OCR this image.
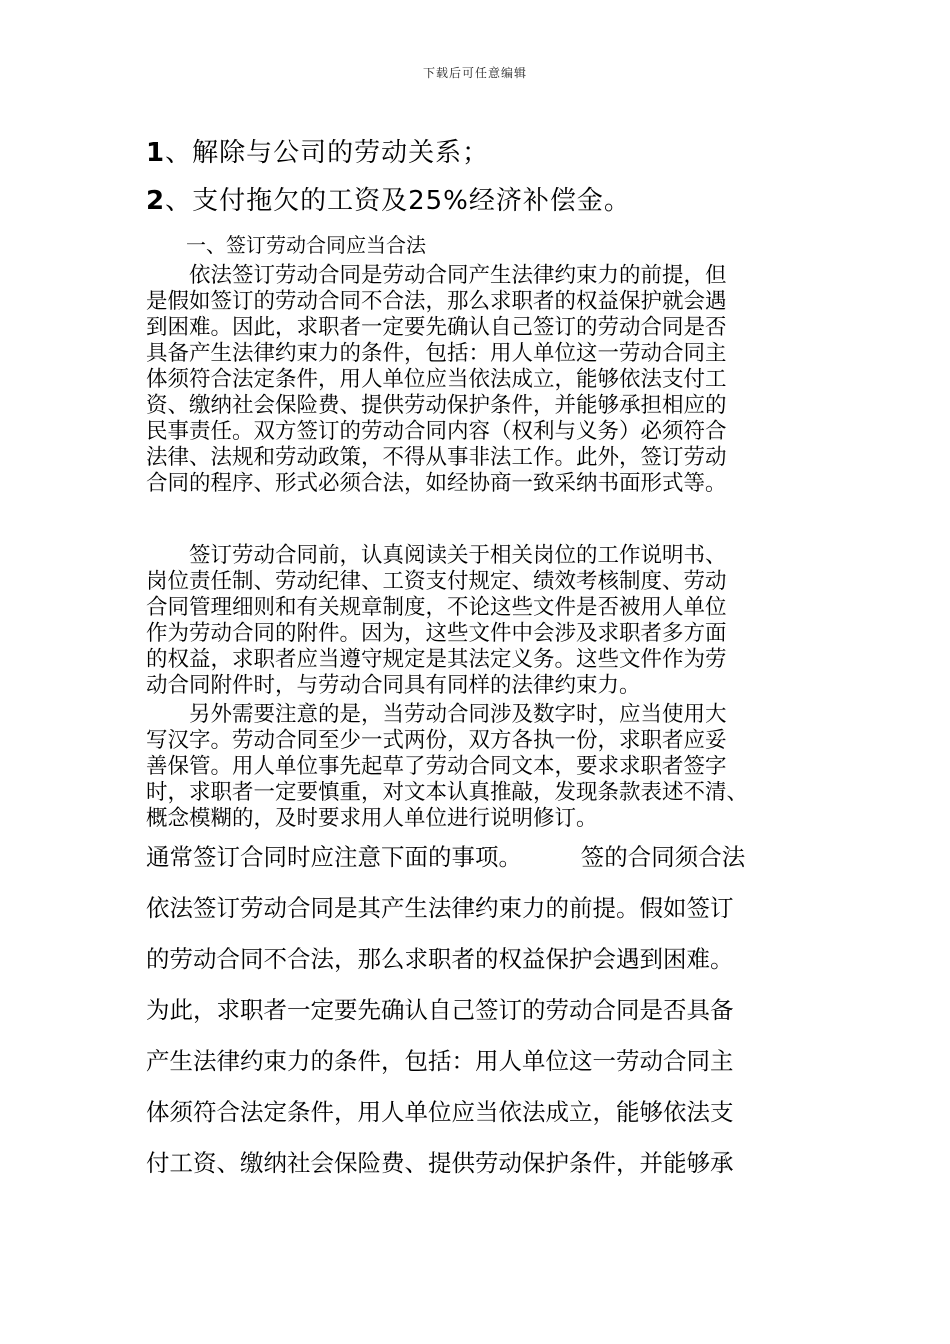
下载后可任意编辑
1、解除与公司的劳动关系；
2、支付拖欠的工资及25%经济补偿金。
一、签订劳动合同应当合法
　　依法签订劳动合同是劳动合同产生法律约束力的前提，但
是假如签订的劳动合同不合法，那么求职者的权益保护就会遇
到困难。因此，求职者一定要先确认自己签订的劳动合同是否
具备产生法律约束力的条件，包括：用人单位这一劳动合同主
体须符合法定条件，用人单位应当依法成立，能够依法支付工
资、缴纳社会保险费、提供劳动保护条件，并能够承担相应的
民事责任。双方签订的劳动合同内容（权利与义务）必须符合
法律、法规和劳动政策，不得从事非法工作。此外，签订劳动
合同的程序、形式必须合法，如经协商一致采纳书面形式等。
　　签订劳动合同前，认真阅读关于相关岗位的工作说明书、
岗位责任制、劳动纪律、工资支付规定、绩效考核制度、劳动
合同管理细则和有关规章制度，不论这些文件是否被用人单位
作为劳动合同的附件。因为，这些文件中会涉及求职者多方面
的权益，求职者应当遵守规定是其法定义务。这些文件作为劳
动合同附件时，与劳动合同具有同样的法律约束力。
　　另外需要注意的是，当劳动合同涉及数字时，应当使用大
写汉字。劳动合同至少一式两份，双方各执一份，求职者应妥
善保管。用人单位事先起草了劳动合同文本，要求求职者签字
时，求职者一定要慎重，对文本认真推敲，发现条款表述不清、
概念模糊的，及时要求用人单位进行说明修订。
通常签订合同时应注意下面的事项。　　　签的合同须合法
依法签订劳动合同是其产生法律约束力的前提。假如签订
的劳动合同不合法，那么求职者的权益保护会遇到困难。
为此，求职者一定要先确认自己签订的劳动合同是否具备
产生法律约束力的条件，包括：用人单位这一劳动合同主
体须符合法定条件，用人单位应当依法成立，能够依法支
付工资、缴纳社会保险费、提供劳动保护条件，并能够承
